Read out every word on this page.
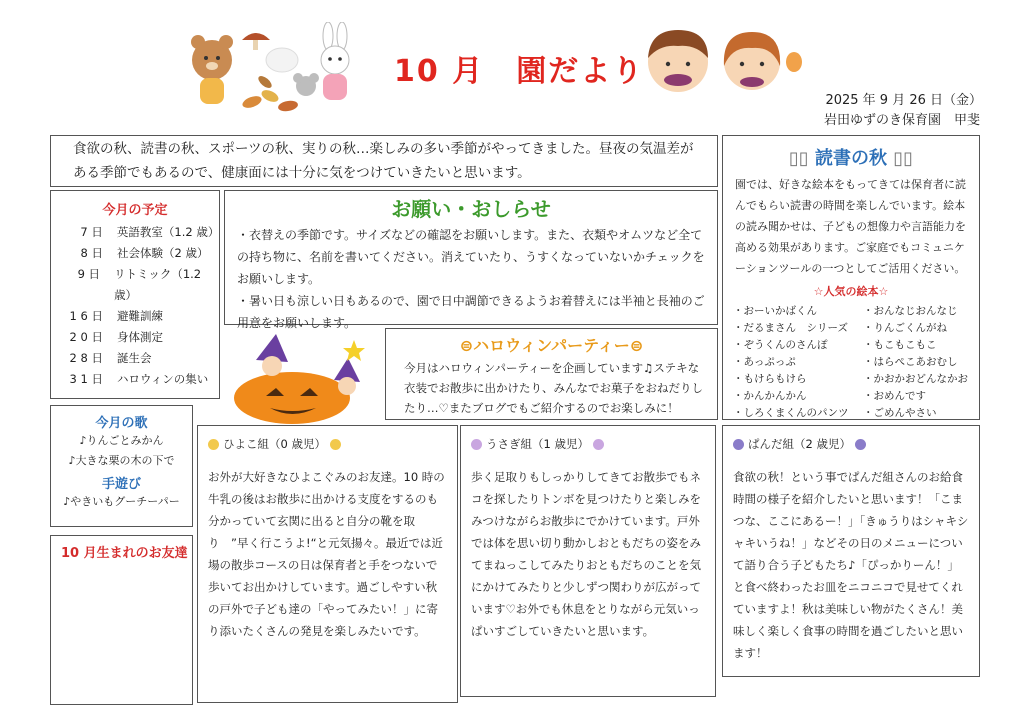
10 月　園だより
2025 年 9 月 26 日（金）
岩田ゆずのき保育園　甲斐
食欲の秋、読書の秋、スポーツの秋、実りの秋…楽しみの多い季節がやってきました。昼夜の気温差がある季節でもあるので、健康面には十分に気をつけていきたいと思います。
今月の予定
7 日	英語教室（1.2 歳）
8 日	社会体験（2 歳）
9 日	リトミック（1.2 歳）
1 6 日	避難訓練
2 0 日	身体測定
2 8 日	誕生会
3 1 日	ハロウィンの集い
お願い・おしらせ
・衣替えの季節です。サイズなどの確認をお願いします。また、衣類やオムツなど全ての持ち物に、名前を書いてください。消えていたり、うすくなっていないかチェックをお願いします。
・暑い日も涼しい日もあるので、園で日中調節できるようお着替えには半袖と長袖のご用意をお願いします。
⊜ハロウィンパーティー⊜
今月はハロウィンパーティーを企画しています♫ステキな衣装でお散歩に出かけたり、みんなでお菓子をおねだりしたり…♡またブログでもご紹介するのでお楽しみに！
▯▯ 読書の秋 ▯▯
園では、好きな絵本をもってきては保育者に読んでもらい読書の時間を楽しんでいます。絵本の読み聞かせは、子どもの想像力や言語能力を高める効果があります。ご家庭でもコミュニケーションツールの一つとしてご活用ください。
☆人気の絵本☆
・おーいかばくん	・おんなじおんなじ
・だるまさん　シリーズ	・りんごくんがね
・ぞうくんのさんぽ	・もこもこもこ
・あっぷっぷ	・はらぺこあおむし
・もけらもけら	・かおかおどんなかお
・かんかんかん	・おめんです
・しろくまくんのパンツ	・ごめんやさい
今月の歌
♪りんごとみかん
♪大きな栗の木の下で
手遊び
♪やきいもグーチーパー
10 月生まれのお友達
ひよこ組（0 歳児）
お外が大好きなひよこぐみのお友達。10 時の牛乳の後はお散歩に出かける支度をするのも分かっていて玄関に出ると自分の靴を取り　”早く行こうよ!“と元気揚々。最近では近場の散歩コースの日は保育者と手をつないで歩いてお出かけしています。過ごしやすい秋の戸外で子ども達の「やってみたい！」に寄り添いたくさんの発見を楽しみたいです。
うさぎ組（1 歳児）
歩く足取りもしっかりしてきてお散歩でもネコを探したりトンボを見つけたりと楽しみをみつけながらお散歩にでかけています。戸外では体を思い切り動かしおともだちの姿をみてまねっこしてみたりおともだちのことを気にかけてみたりと少しずつ関わりが広がっています♡お外でも休息をとりながら元気いっぱいすごしていきたいと思います。
ぱんだ組（2 歳児）
食欲の秋！という事でぱんだ組さんのお給食時間の様子を紹介したいと思います！「こまつな、ここにあるー！」「きゅうりはシャキシャキいうね！」などその日のメニューについて語り合う子どもたち♪「ぴっかりーん！」と食べ終わったお皿をニコニコで見せてくれていますよ！秋は美味しい物がたくさん！美味しく楽しく食事の時間を過ごしたいと思います！
